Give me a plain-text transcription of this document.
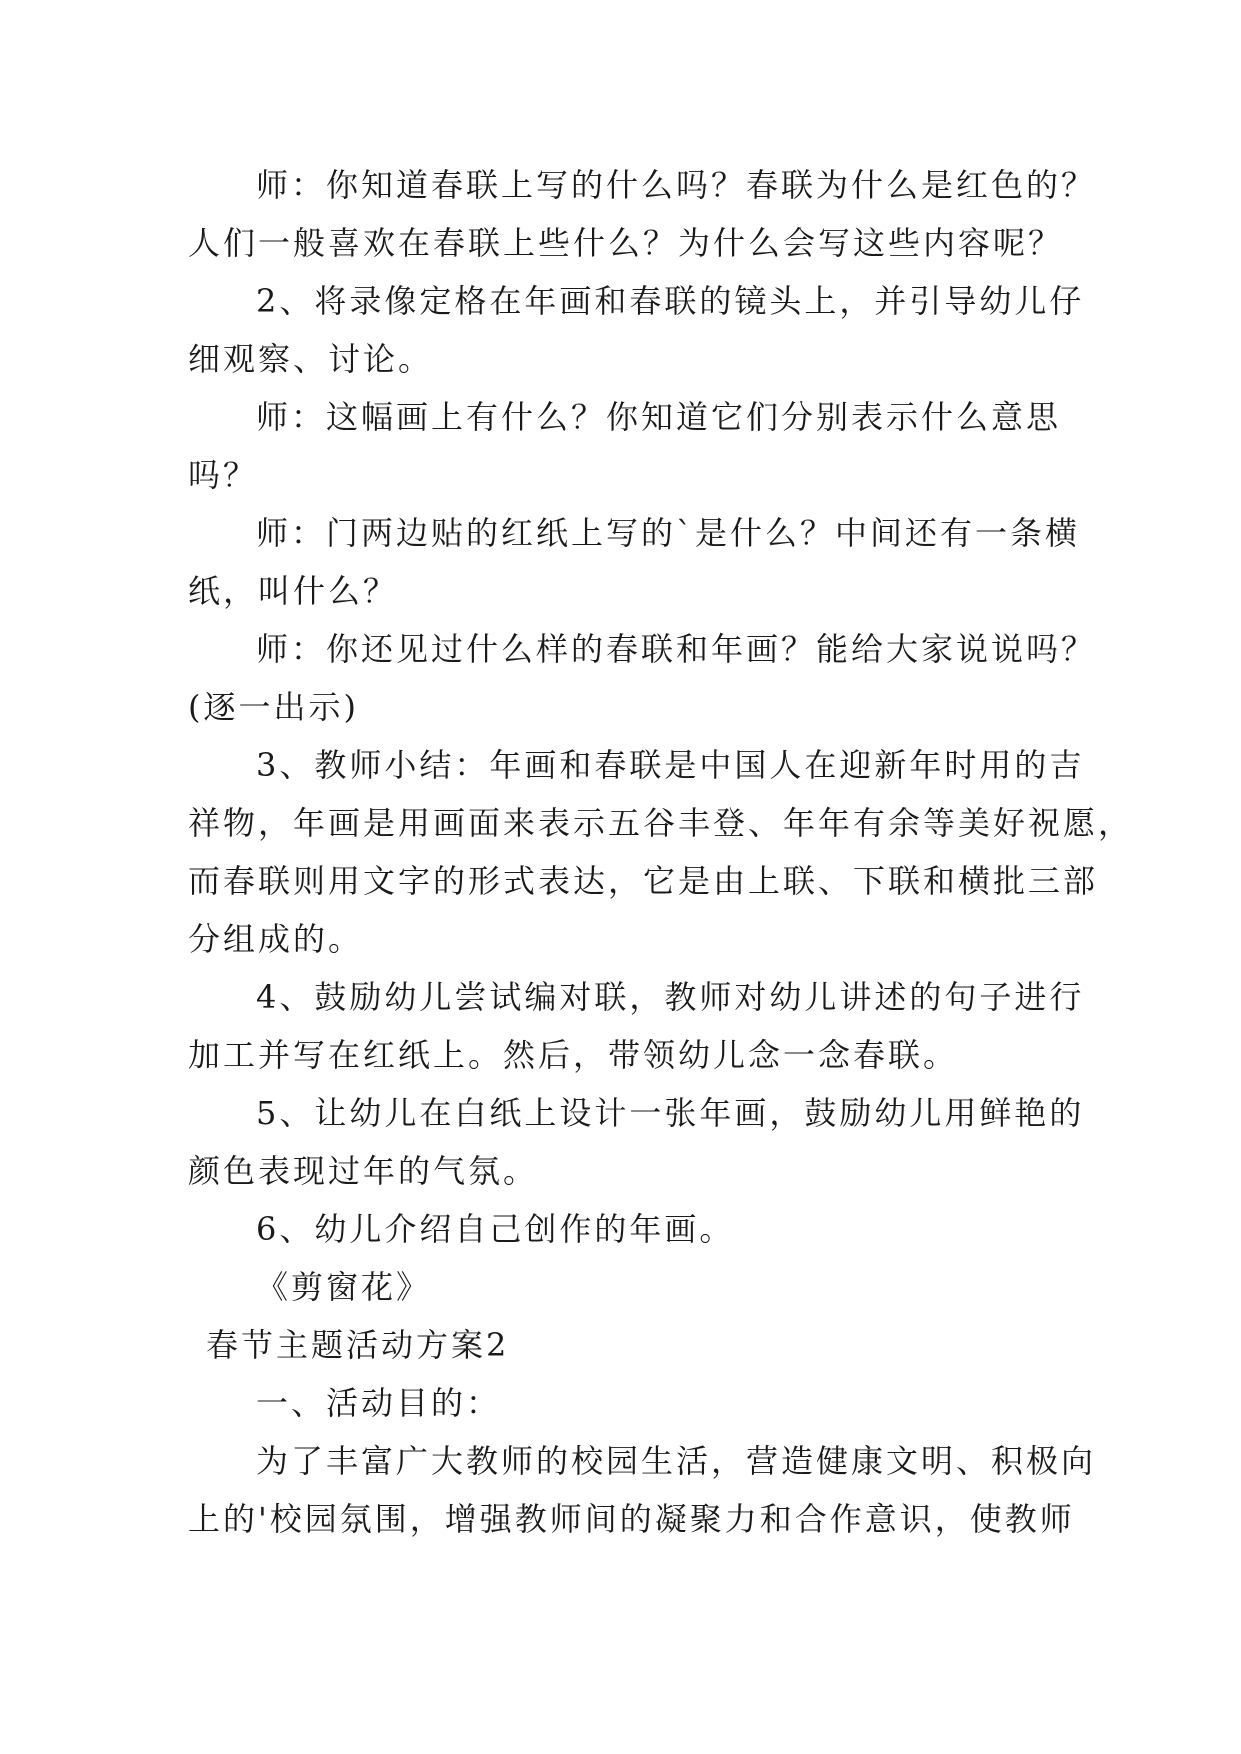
师：你知道春联上写的什么吗？春联为什么是红色的？
人们一般喜欢在春联上些什么？为什么会写这些内容呢？
2、将录像定格在年画和春联的镜头上，并引导幼儿仔
细观察、讨论。
师：这幅画上有什么？你知道它们分别表示什么意思
吗？
师：门两边贴的红纸上写的`是什么？中间还有一条横
纸，叫什么？
师：你还见过什么样的春联和年画？能给大家说说吗？
(逐一出示)
3、教师小结：年画和春联是中国人在迎新年时用的吉
祥物，年画是用画面来表示五谷丰登、年年有余等美好祝愿，
而春联则用文字的形式表达，它是由上联、下联和横批三部
分组成的。
4、鼓励幼儿尝试编对联，教师对幼儿讲述的句子进行
加工并写在红纸上。然后，带领幼儿念一念春联。
5、让幼儿在白纸上设计一张年画，鼓励幼儿用鲜艳的
颜色表现过年的气氛。
6、幼儿介绍自己创作的年画。
《剪窗花》
春节主题活动方案2
一、活动目的：
为了丰富广大教师的校园生活，营造健康文明、积极向
上的'校园氛围，增强教师间的凝聚力和合作意识，使教师
